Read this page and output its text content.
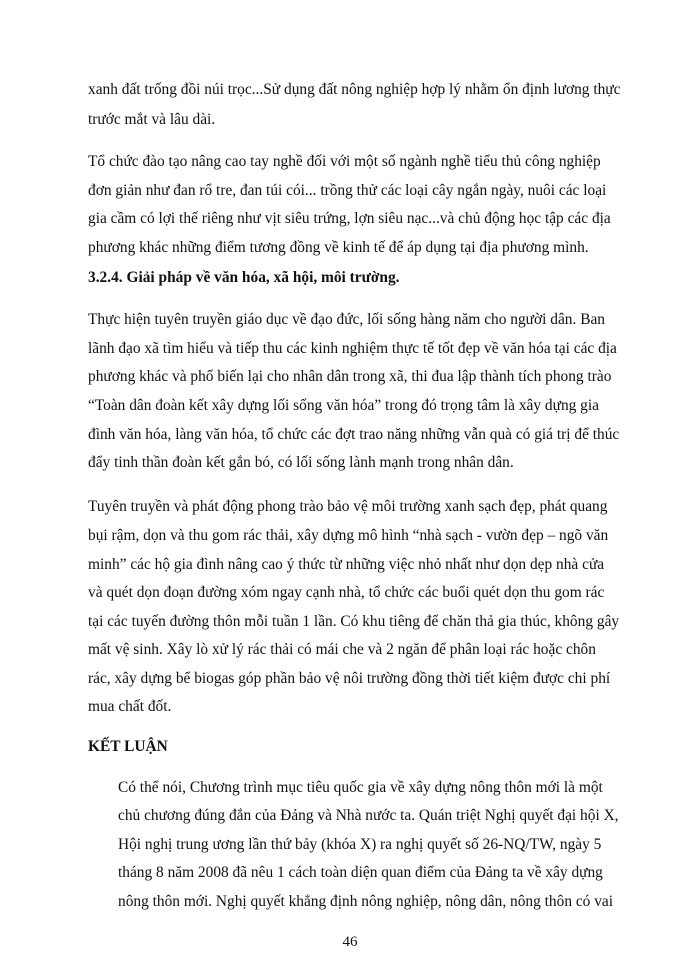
xanh đất trống đồi núi trọc...Sử dụng đất nông nghiệp hợp lý nhằm ổn định lương thực
trước mắt và lâu dài.
Tổ chức đào tạo nâng cao tay nghề đối với một số ngành nghề tiểu thủ công nghiệp
đơn giản như đan rổ tre, đan túi cói... trồng thử các loại cây ngắn ngày, nuôi các loại
gia cầm có lợi thế riêng như vịt siêu trứng, lợn siêu nạc...và chủ động học tập các địa
phương khác những điểm tương đồng về kinh tế để áp dụng tại địa phương mình.
3.2.4. Giải pháp về văn hóa, xã hội, môi trường.
Thực hiện tuyên truyền giáo dục về đạo đức, lối sống hàng năm cho người dân. Ban
lãnh đạo xã tìm hiểu và tiếp thu các kinh nghiệm thực tế tốt đẹp về văn hóa tại các địa
phương khác và phổ biến lại cho nhân dân trong xã, thi đua lập thành tích phong trào
“Toàn dân đoàn kết xây dựng lối sống văn hóa” trong đó trọng tâm là xây dựng gia
đình văn hóa, làng văn hóa, tổ chức các đợt trao năng những vẫn quà có giá trị để thúc
đẩy tinh thần đoàn kết gắn bó, có lối sống lành mạnh trong nhân dân.
Tuyên truyền và phát động phong trào bảo vệ môi trường xanh sạch đẹp, phát quang
bụi rậm, dọn và thu gom rác thải, xây dựng mô hình “nhà sạch - vườn đẹp – ngõ văn
minh” các hộ gia đình nâng cao ý thức từ những việc nhỏ nhất như dọn dẹp nhà cửa
và quét dọn đoạn đường xóm ngay cạnh nhà, tổ chức các buổi quét dọn thu gom rác
tại các tuyến đường thôn mỗi tuần 1 lần. Có khu tiêng để chăn thả gia thúc, không gây
mất vệ sinh. Xây lò xử lý rác thải có mái che và 2 ngăn để phân loại rác hoặc chôn
rác, xây dựng bể biogas góp phần bảo vệ nôi trường đồng thời tiết kiệm được chi phí
mua chất đốt.
KẾT LUẬN
Có thể nói, Chương trình mục tiêu quốc gia về xây dựng nông thôn mới là một
chủ chương đúng đắn của Đảng và Nhà nước ta. Quán triệt Nghị quyết đại hội X,
Hội nghị trung ương lần thứ bảy (khóa X) ra nghị quyết số 26-NQ/TW, ngày 5
tháng 8 năm 2008 đã nêu 1 cách toàn diện quan điểm của Đảng ta về xây dựng
nông thôn mới. Nghị quyết khẳng định nông nghiệp, nông dân, nông thôn có vai
46
